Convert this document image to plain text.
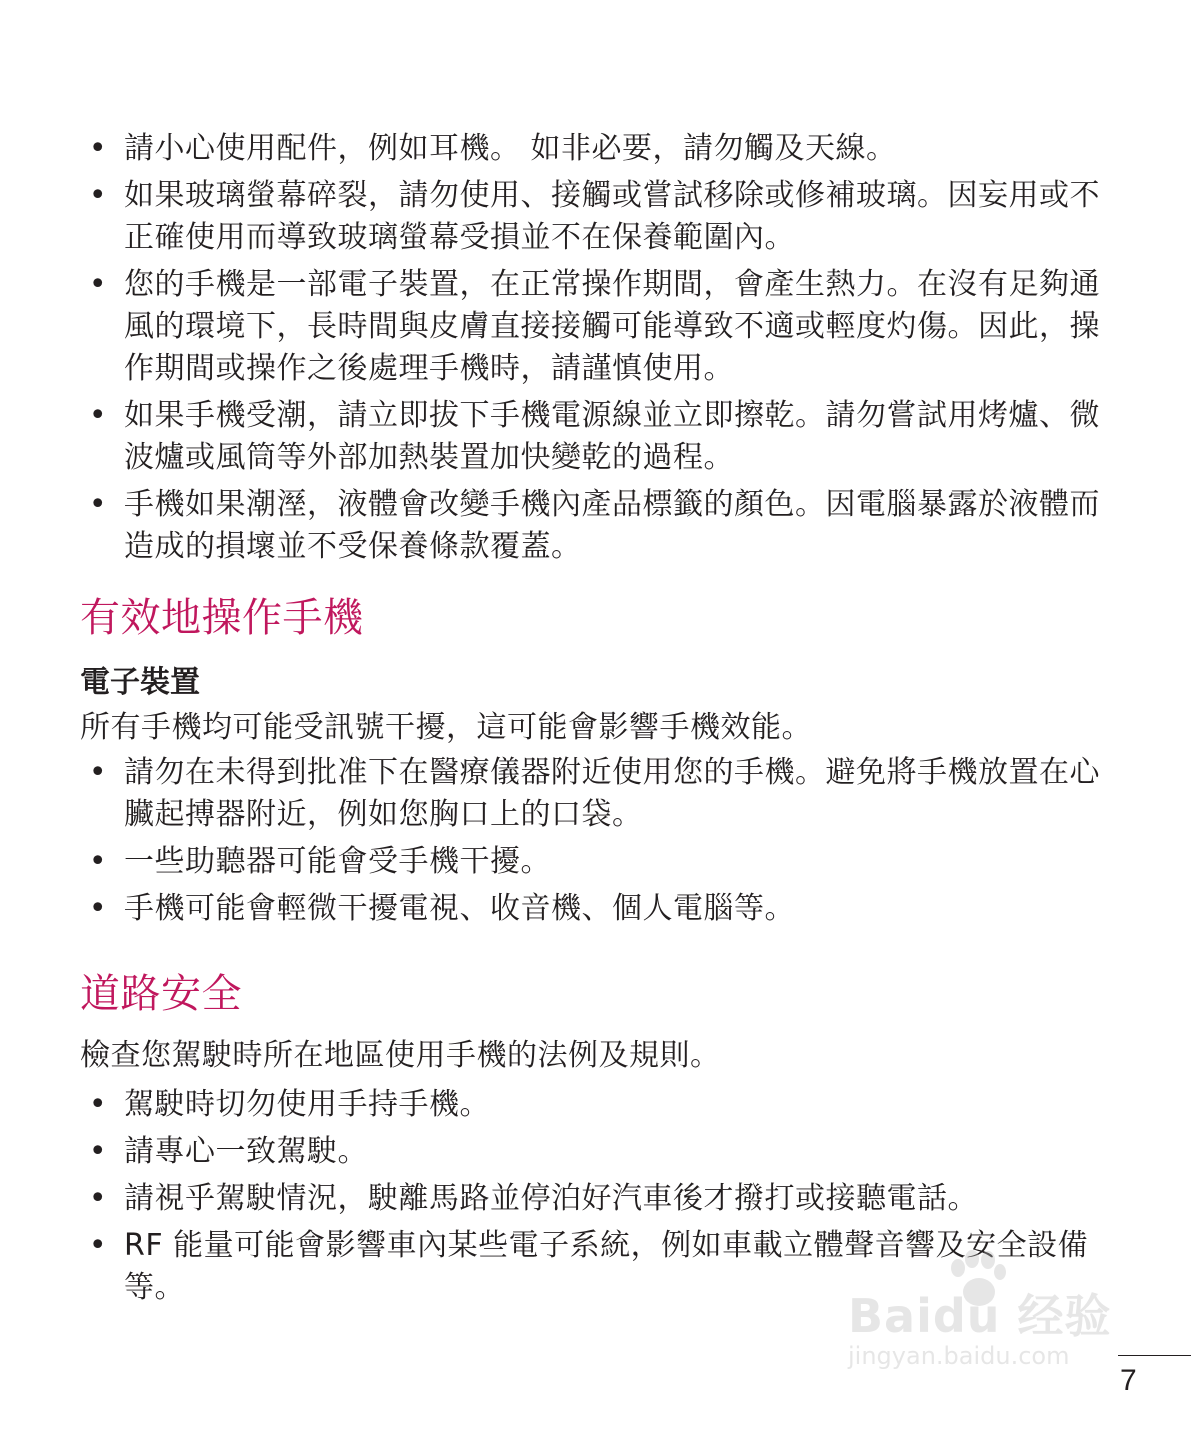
• 請小心使用配件，例如耳機。 如非必要，請勿觸及天線。
• 如果玻璃螢幕碎裂，請勿使用、接觸或嘗試移除或修補玻璃。因妄用或不正確使用而導致玻璃螢幕受損並不在保養範圍內。
• 您的手機是一部電子裝置，在正常操作期間，會產生熱力。在沒有足夠通風的環境下，長時間與皮膚直接接觸可能導致不適或輕度灼傷。因此，操作期間或操作之後處理手機時，請謹慎使用。
• 如果手機受潮，請立即拔下手機電源線並立即擦乾。請勿嘗試用烤爐、微波爐或風筒等外部加熱裝置加快變乾的過程。
• 手機如果潮溼，液體會改變手機內產品標籤的顏色。因電腦暴露於液體而造成的損壞並不受保養條款覆蓋。
有效地操作手機
電子裝置

所有手機均可能受訊號干擾，這可能會影響手機效能。

• 請勿在未得到批准下在醫療儀器附近使用您的手機。避免將手機放置在心臟起搏器附近，例如您胸口上的口袋。
• 一些助聽器可能會受手機干擾。
• 手機可能會輕微干擾電視、收音機、個人電腦等。
道路安全

檢查您駕駛時所在地區使用手機的法例及規則。

• 駕駛時切勿使用手持手機。
• 請專心一致駕駛。
• 請視乎駕駛情況，駛離馬路並停泊好汽車後才撥打或接聽電話。
• RF 能量可能會影響車內某些電子系統，例如車載立體聲音響及安全設備等。
Baidu 经验
jingyan.baidu.com
7
